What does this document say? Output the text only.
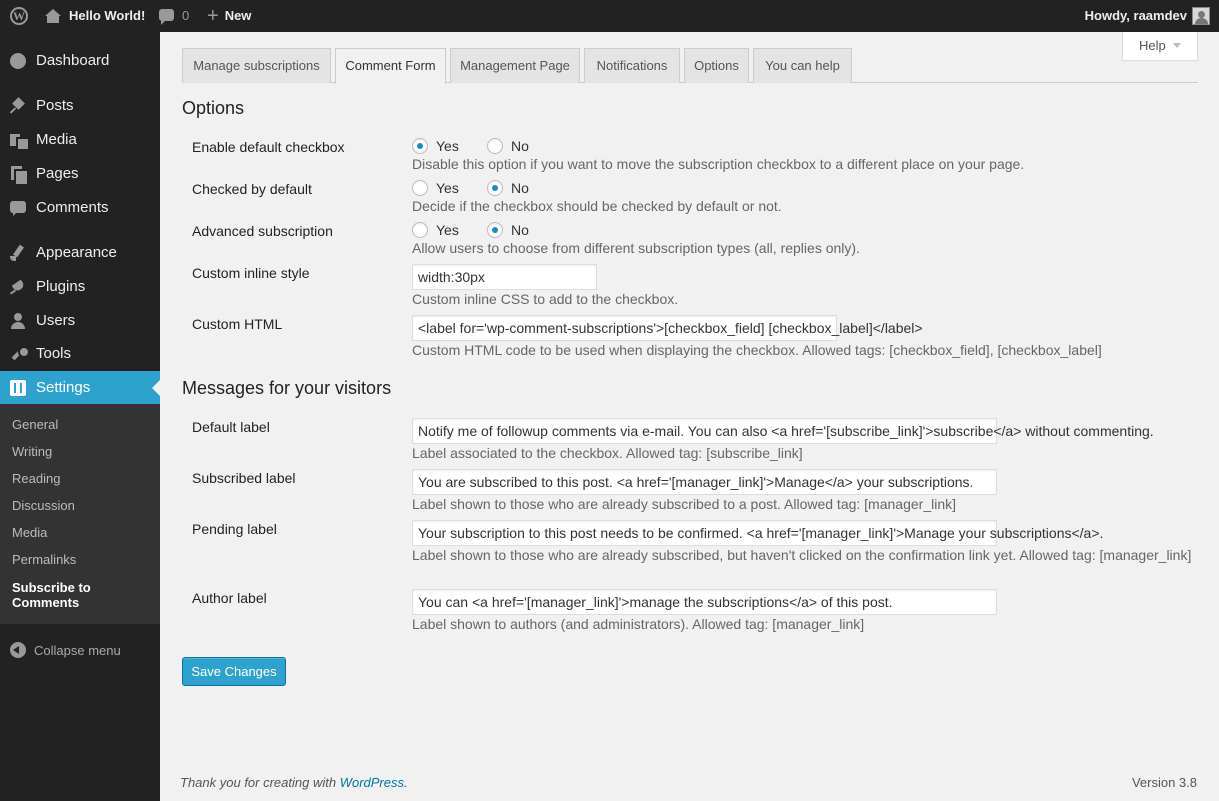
W	Hello World!	0 + New	Howdy, raamdev
Dashboard
Posts
Media
Pages
Comments
Appearance
Plugins
Users
Tools
Settings
General
Writing
Reading
Discussion
Media
Permalinks
Subscribe to Comments
Collapse menu
Help
Manage subscriptions	Comment Form	Management Page	Notifications	Options	You can help
Options
Enable default checkbox	Yes	No
Disable this option if you want to move the subscription checkbox to a different place on your page.
Checked by default	Yes	No
Decide if the checkbox should be checked by default or not.
Advanced subscription	Yes	No
Allow users to choose from different subscription types (all, replies only).
Custom inline style	width:30px
Custom inline CSS to add to the checkbox.
Custom HTML	<label for='wp-comment-subscriptions'>[checkbox_field] [checkbox_label]</label>
Custom HTML code to be used when displaying the checkbox. Allowed tags: [checkbox_field], [checkbox_label]
Messages for your visitors
Default label	Notify me of followup comments via e-mail. You can also <a href='[subscribe_link]'>subscribe</a> without commenting.
Label associated to the checkbox. Allowed tag: [subscribe_link]
Subscribed label	You are subscribed to this post. <a href='[manager_link]'>Manage</a> your subscriptions.
Label shown to those who are already subscribed to a post. Allowed tag: [manager_link]
Pending label	Your subscription to this post needs to be confirmed. <a href='[manager_link]'>Manage your subscriptions</a>.
Label shown to those who are already subscribed, but haven't clicked on the confirmation link yet. Allowed tag: [manager_link]
Author label	You can <a href='[manager_link]'>manage the subscriptions</a> of this post.
Label shown to authors (and administrators). Allowed tag: [manager_link]
Save Changes
Thank you for creating with WordPress.	Version 3.8
